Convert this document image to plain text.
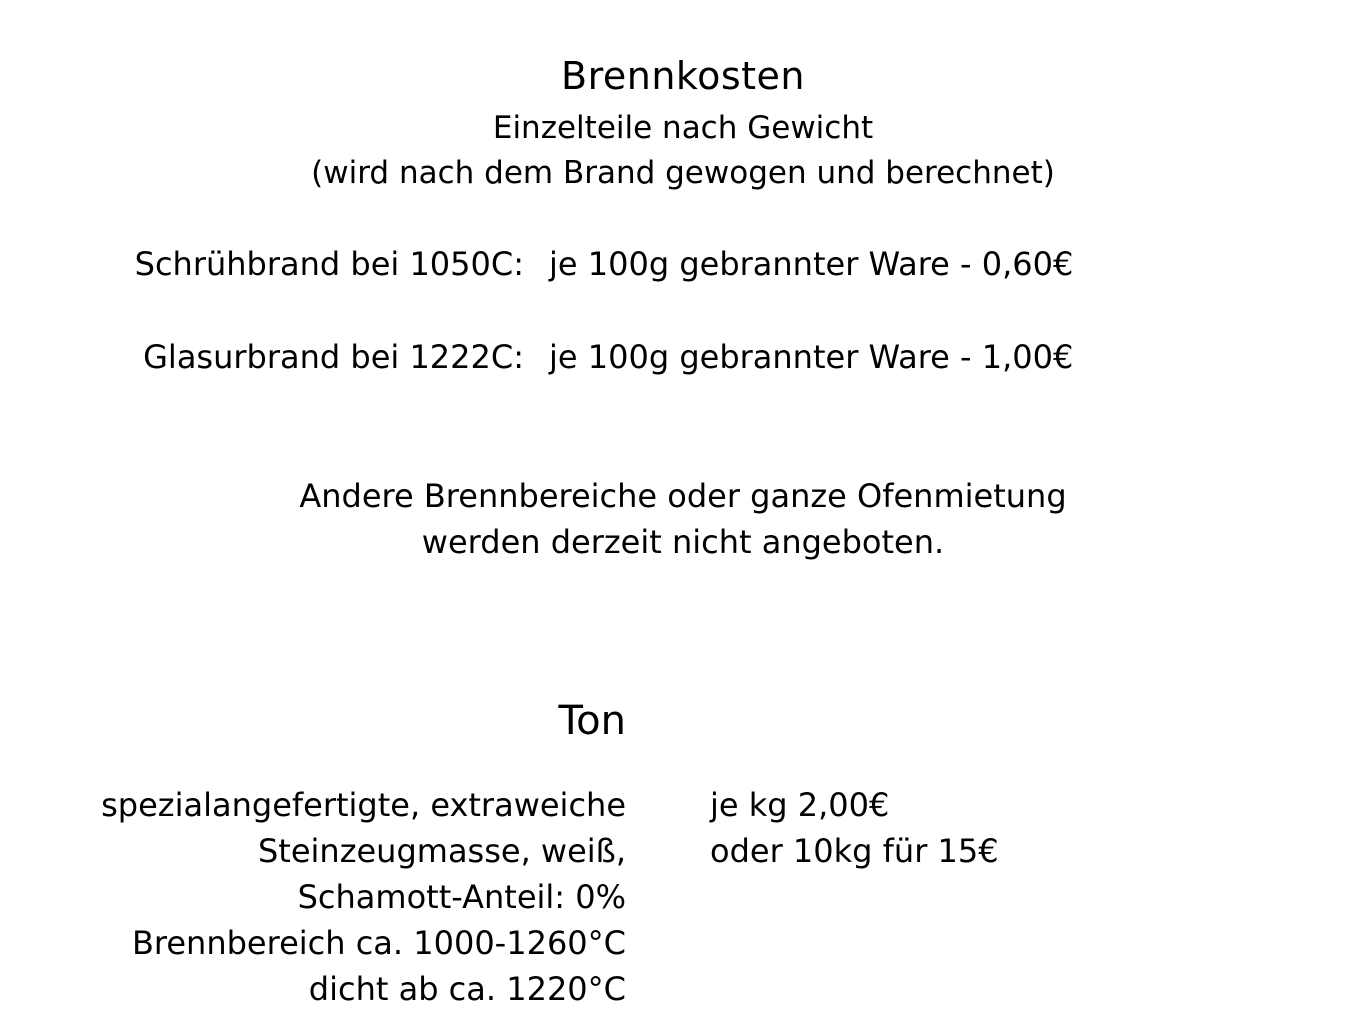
Brennkosten
Einzelteile nach Gewicht
(wird nach dem Brand gewogen und berechnet)
Schrühbrand bei 1050C: je 100g gebrannter Ware - 0,60€
Glasurbrand bei 1222C: je 100g gebrannter Ware - 1,00€
Andere Brennbereiche oder ganze Ofenmietung
werden derzeit nicht angeboten.
Ton
spezialangefertigte, extraweiche
Steinzeugmasse, weiß,
Schamott-Anteil: 0%
Brennbereich ca. 1000-1260°C
dicht ab ca. 1220°C
je kg 2,00€
oder 10kg für 15€
